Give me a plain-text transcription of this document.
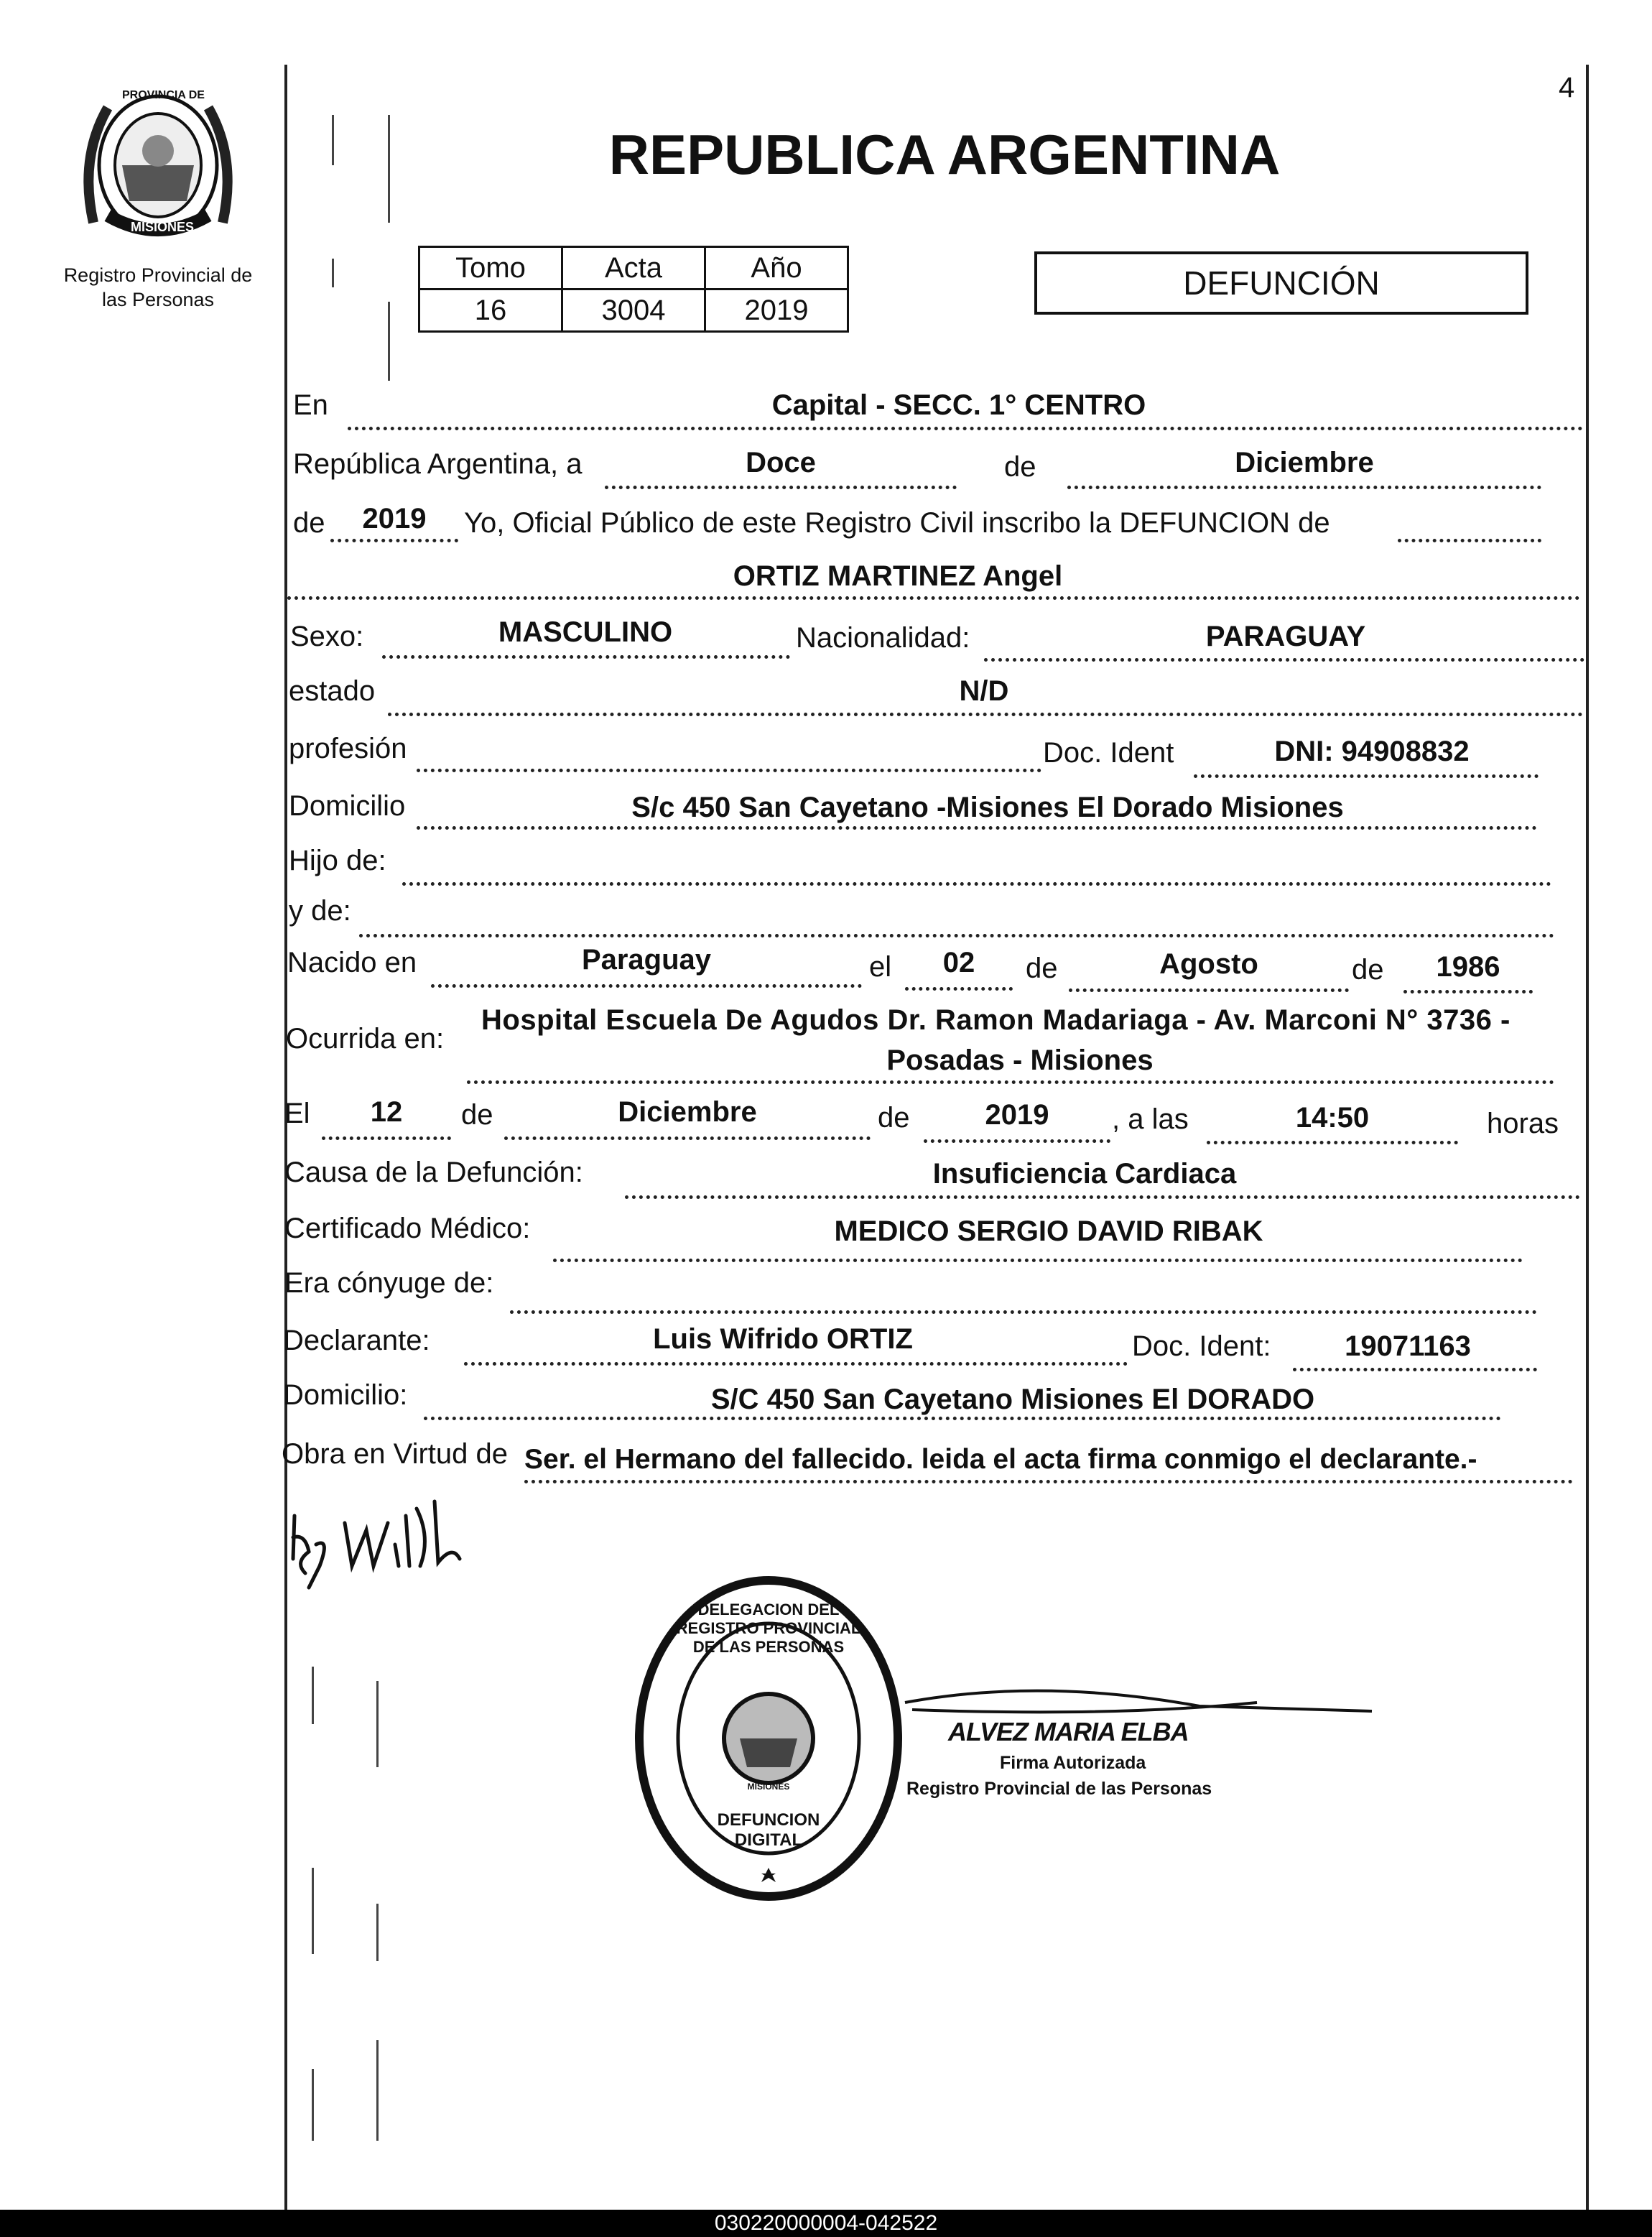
4
PROVINCIA DE
MISIONES
Registro Provincial de
las Personas
REPUBLICA ARGENTINA
Tomo	Acta	Año
16	3004	2019
DEFUNCIÓN
En	Capital - SECC. 1° CENTRO
República Argentina, a	Doce	de	Diciembre
de	2019	Yo, Oficial Público de este Registro Civil inscribo la DEFUNCION de
ORTIZ MARTINEZ Angel
Sexo:	MASCULINO	Nacionalidad:	PARAGUAY
estado	N/D
profesión	Doc. Ident	DNI: 94908832
Domicilio	S/c 450 San Cayetano -Misiones El Dorado Misiones
Hijo de:
y de:
Nacido en	Paraguay	el	02	de	Agosto	de	1986
Ocurrida en:
Hospital Escuela De Agudos Dr. Ramon Madariaga - Av. Marconi N° 3736 -
Posadas - Misiones
El	12	de	Diciembre	de	2019	, a las	14:50	horas
Causa de la Defunción:	Insuficiencia Cardiaca
Certificado Médico:	MEDICO SERGIO DAVID RIBAK
Era cónyuge de:
Declarante:	Luis Wifrido ORTIZ	Doc. Ident:	19071163
Domicilio:	S/C 450 San Cayetano Misiones El DORADO
Obra en Virtud de Ser. el Hermano del fallecido. leida el acta firma conmigo el declarante.-
DELEGACION DEL REGISTRO PROVINCIAL DE LAS PERSONAS
DEFUNCION DIGITAL
MISIONES
ALVEZ MARIA ELBA
Firma Autorizada
Registro Provincial de las Personas
030220000004-042522
